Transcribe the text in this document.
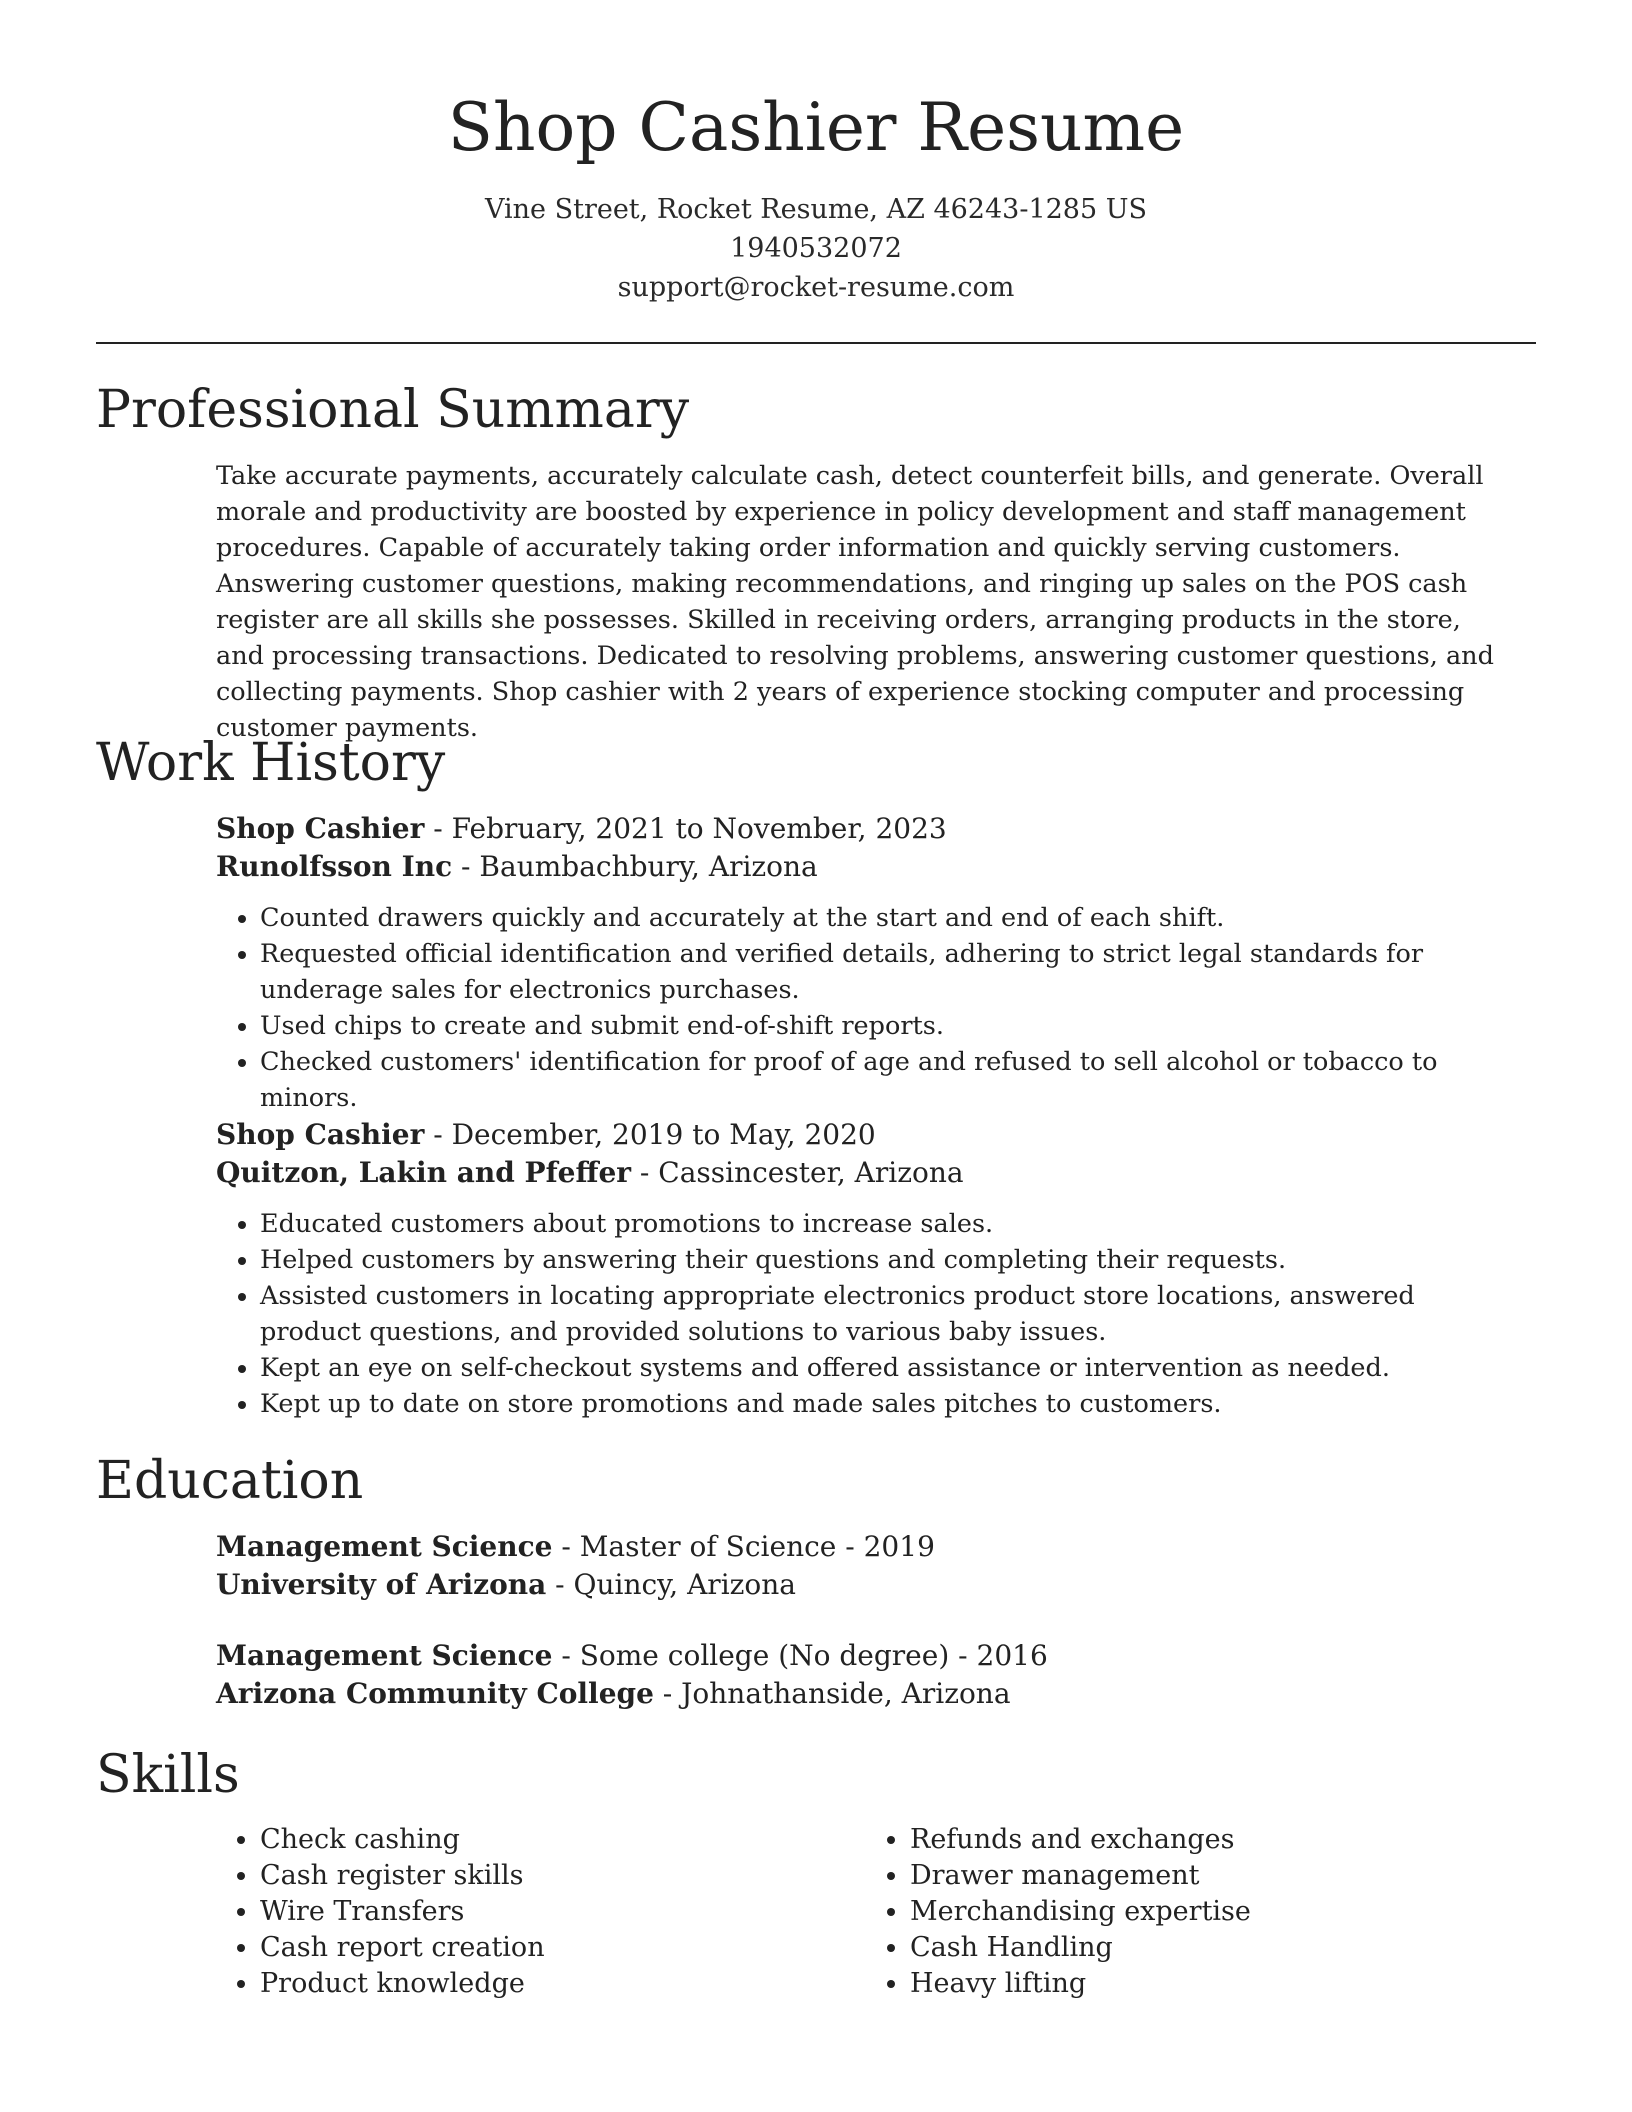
Shop Cashier Resume
Vine Street, Rocket Resume, AZ 46243-1285 US
1940532072
support@rocket-resume.com
Professional Summary

Take accurate payments, accurately calculate cash, detect counterfeit bills, and generate. Overall morale and productivity are boosted by experience in policy development and staff management procedures. Capable of accurately taking order information and quickly serving customers. Answering customer questions, making recommendations, and ringing up sales on the POS cash register are all skills she possesses. Skilled in receiving orders, arranging products in the store, and processing transactions. Dedicated to resolving problems, answering customer questions, and collecting payments. Shop cashier with 2 years of experience stocking computer and processing customer payments.

Work History
Shop Cashier - February, 2021 to November, 2023
Runolfsson Inc - Baumbachbury, Arizona
• Counted drawers quickly and accurately at the start and end of each shift.
• Requested official identification and verified details, adhering to strict legal standards for underage sales for electronics purchases.
• Used chips to create and submit end-of-shift reports.
• Checked customers' identification for proof of age and refused to sell alcohol or tobacco to minors.
Shop Cashier - December, 2019 to May, 2020
Quitzon, Lakin and Pfeffer - Cassincester, Arizona
• Educated customers about promotions to increase sales.
• Helped customers by answering their questions and completing their requests.
• Assisted customers in locating appropriate electronics product store locations, answered product questions, and provided solutions to various baby issues.
• Kept an eye on self-checkout systems and offered assistance or intervention as needed.
• Kept up to date on store promotions and made sales pitches to customers.
Education
Management Science - Master of Science - 2019
University of Arizona - Quincy, Arizona
Management Science - Some college (No degree) - 2016
Arizona Community College - Johnathanside, Arizona
Skills
• Check cashing
• Cash register skills
• Wire Transfers
• Cash report creation
• Product knowledge
• Refunds and exchanges
• Drawer management
• Merchandising expertise
• Cash Handling
• Heavy lifting
